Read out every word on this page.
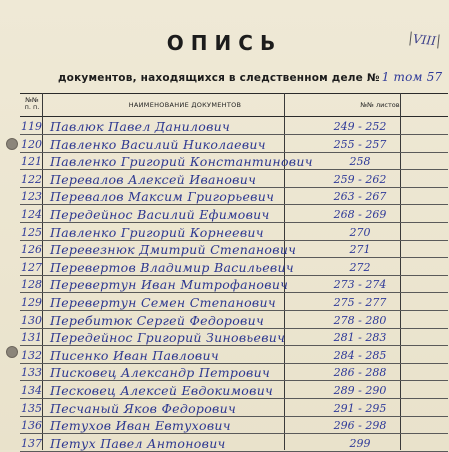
ОПИСЬ	VIII
документов, находящихся в следственном деле № 1 том 57
№№ п. п.	НАИМЕНОВАНИЕ ДОКУМЕНТОВ	№№ листов
119 Павлюк Павел Данилович	249 - 252
120 Павленко Василий Николаевич	255 - 257
121 Павленко Григорий Константинович	258
122 Перевалов Алексей Иванович	259 - 262
123 Перевалов Максим Григорьевич	263 - 267
124 Передейнос Василий Ефимович	268 - 269
125 Павленко Григорий Корнеевич	270
126 Перевезнюк Дмитрий Степанович	271
127 Перевертов Владимир Васильевич	272
128 Перевертун Иван Митрофанович	273 - 274
129 Перевертун Семен Степанович	275 - 277
130 Перебитюк Сергей Федорович	278 - 280
131 Передейнос Григорий Зиновьевич	281 - 283
132 Писенко Иван Павлович	284 - 285
133 Писковец Александр Петрович	286 - 288
134 Песковец Алексей Евдокимович	289 - 290
135 Песчаный Яков Федорович	291 - 295
136 Петухов Иван Евтухович	296 - 298
137 Петух Павел Антонович	299
